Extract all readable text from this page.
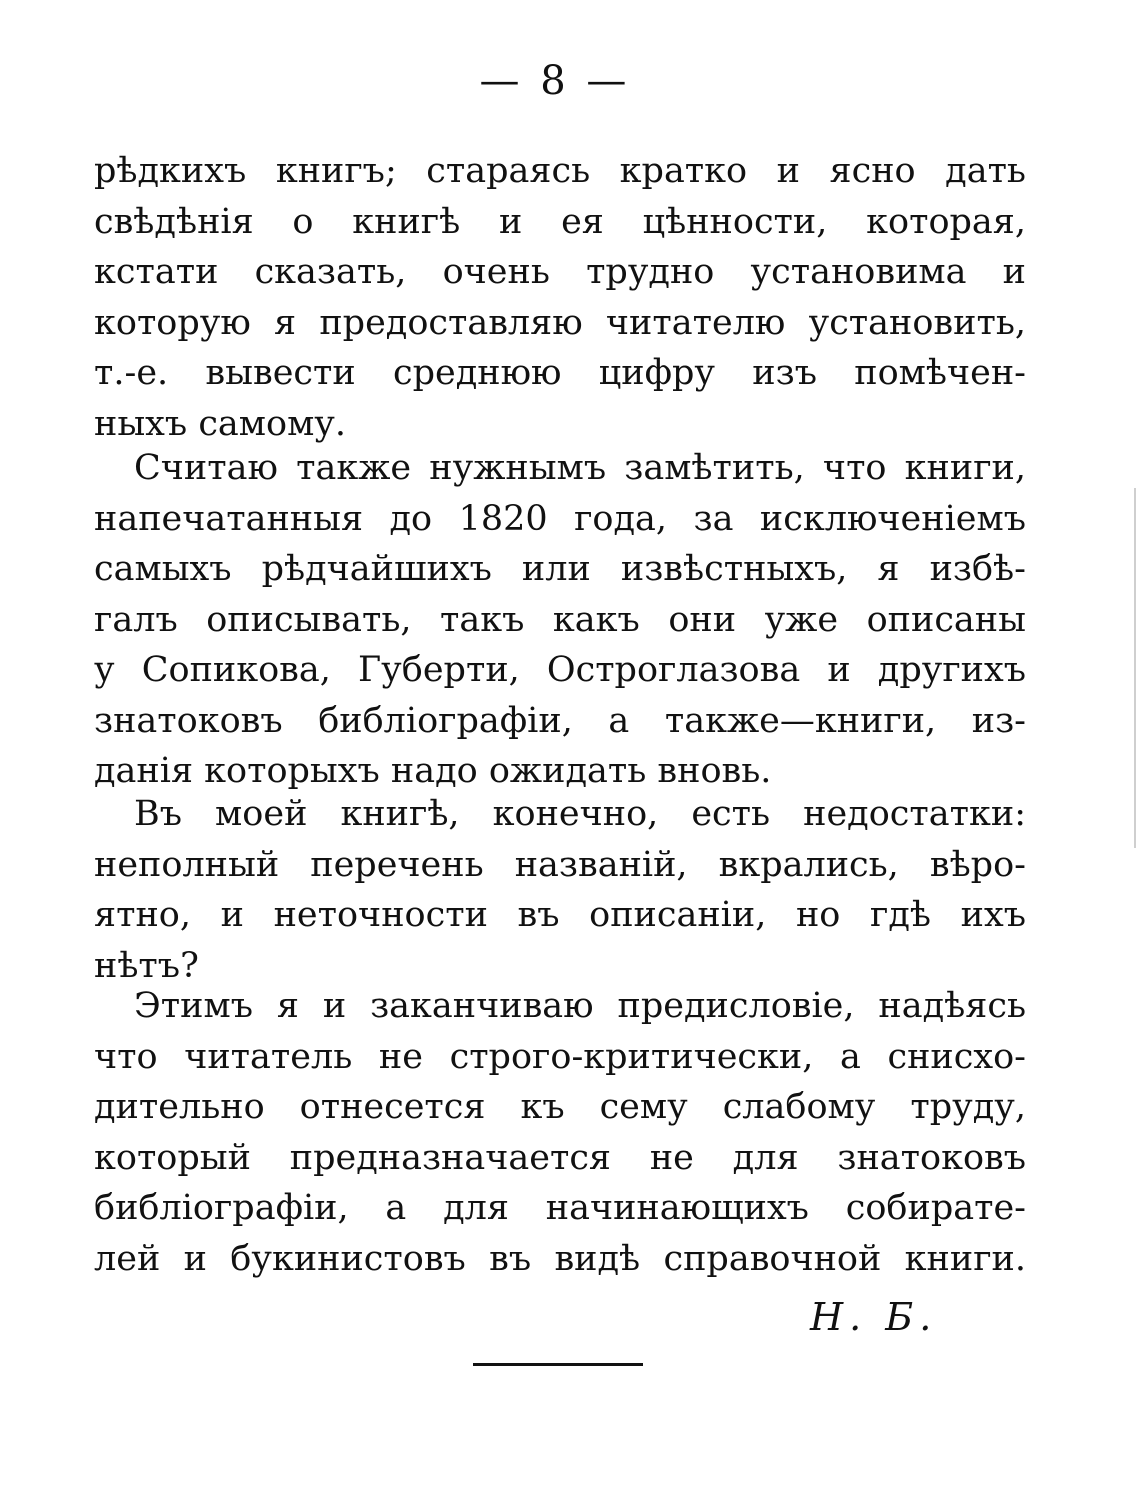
— 8 —
рѣдкихъ книгъ; стараясь кратко и ясно дать
свѣдѣнія о книгѣ и ея цѣнности, которая,
кстати сказать, очень трудно установима и
которую я предоставляю читателю установить,
т.-е. вывести среднюю цифру изъ помѣчен-
ныхъ самому.
Считаю также нужнымъ замѣтить, что книги,
напечатанныя до 1820 года, за исключеніемъ
самыхъ рѣдчайшихъ или извѣстныхъ, я избѣ-
галъ описывать, такъ какъ они уже описаны
у Сопикова, Губерти, Остроглазова и другихъ
знатоковъ библіографіи, а также—книги, из-
данія которыхъ надо ожидать вновь.
Въ моей книгѣ, конечно, есть недостатки:
неполный перечень названій, вкрались, вѣро-
ятно, и неточности въ описаніи, но гдѣ ихъ
нѣтъ?
Этимъ я и заканчиваю предисловіе, надѣясь
что читатель не строго-критически, а снисхо-
дительно отнесется къ сему слабому труду,
который предназначается не для знатоковъ
библіографіи, а для начинающихъ собирате-
лей и букинистовъ въ видѣ справочной книги.
Н. Б.
